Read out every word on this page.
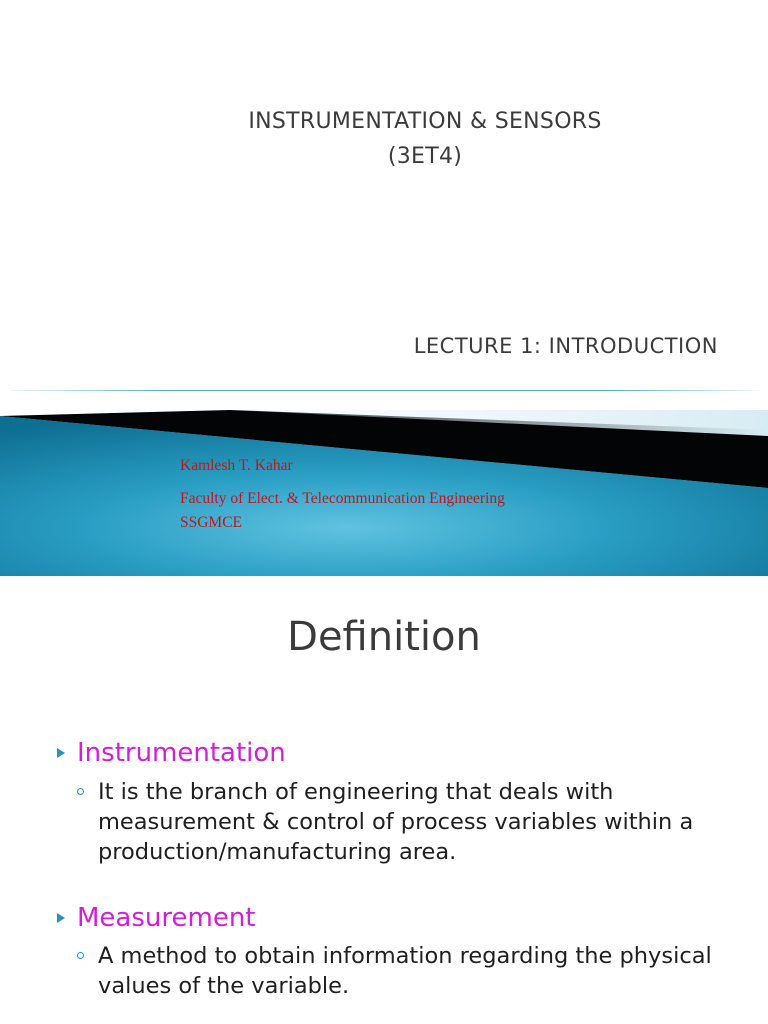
INSTRUMENTATION & SENSORS
(3ET4)
LECTURE 1: INTRODUCTION
Kamlesh T. Kahar
Faculty of Elect. & Telecommunication Engineering
SSGMCE
Definition
Instrumentation
It is the branch of engineering that deals with measurement & control of process variables within a production/manufacturing area.
Measurement
A method to obtain information regarding the physical values of the variable.
